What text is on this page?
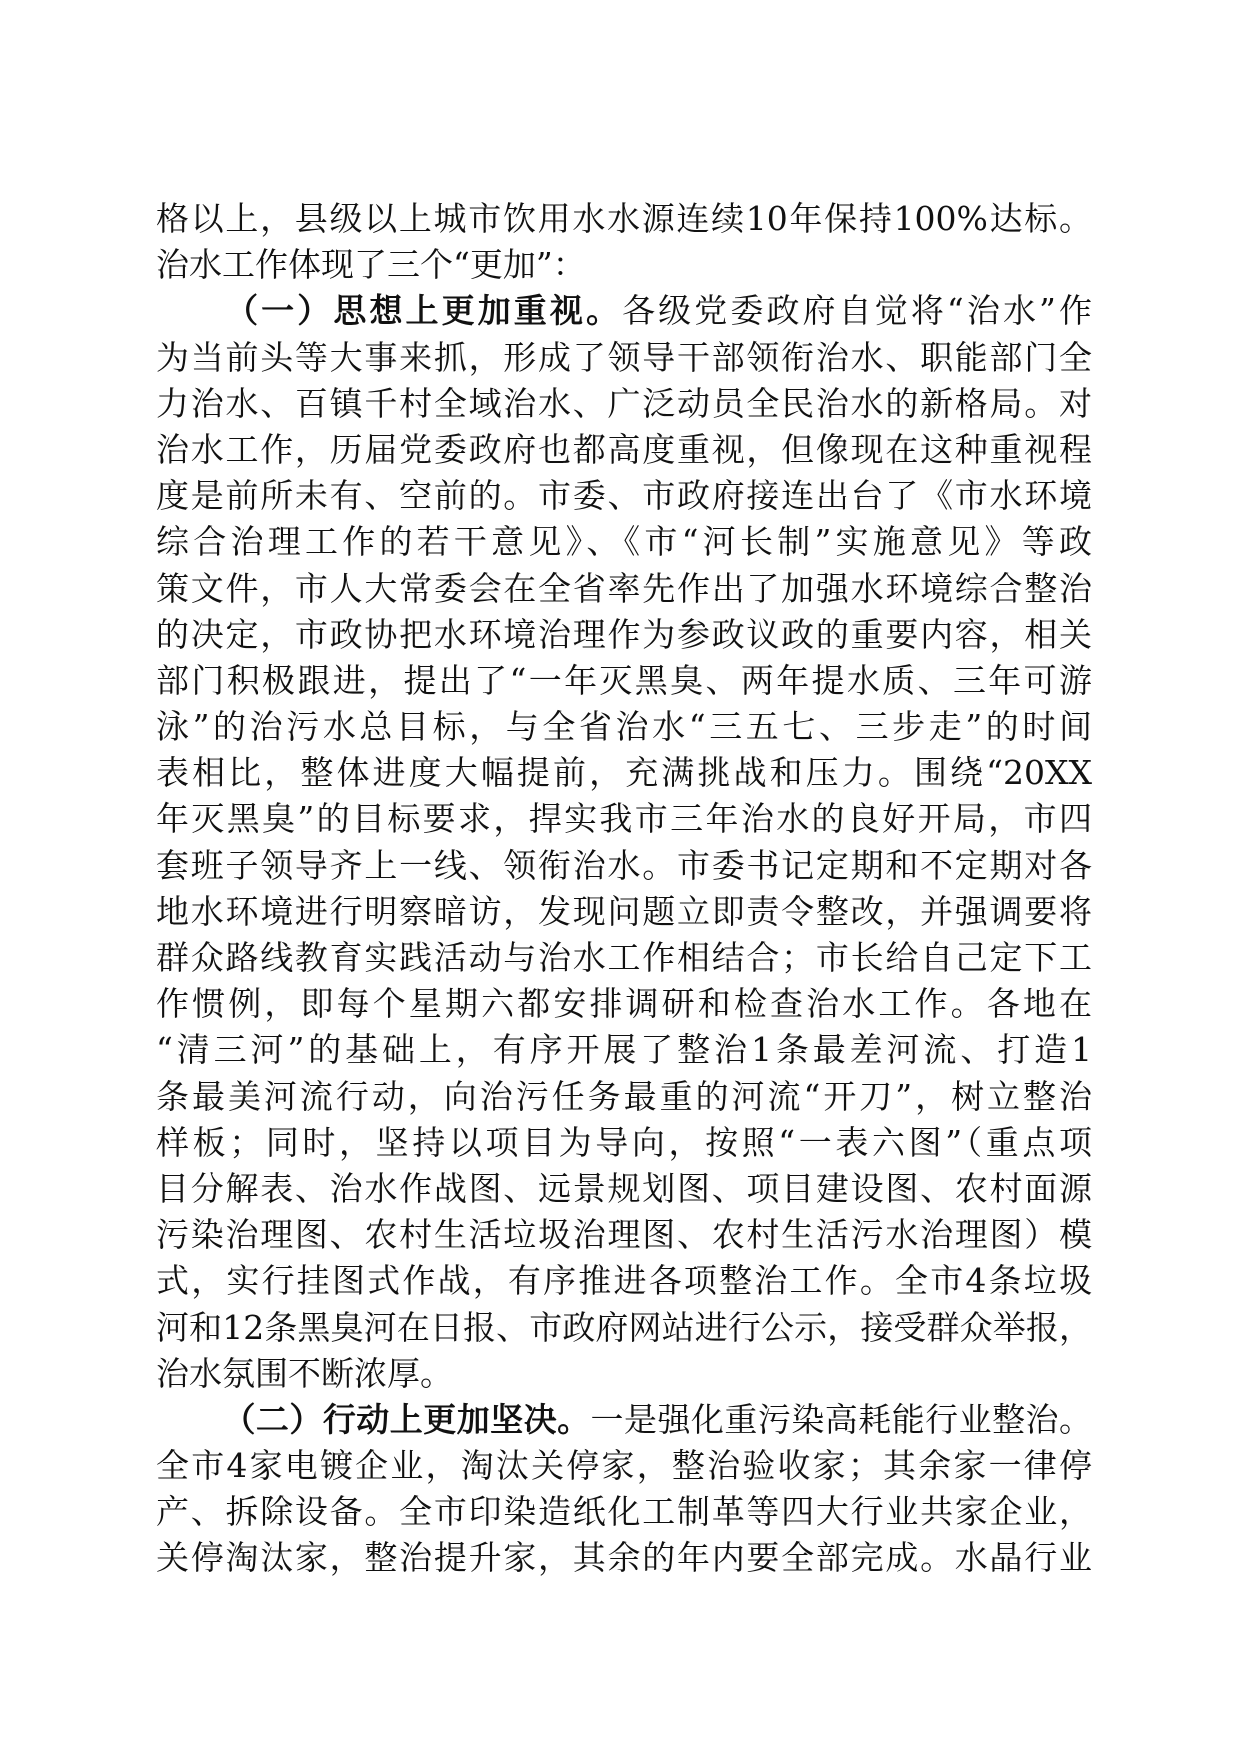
格以上，县级以上城市饮用水水源连续10年保持100%达标。
治水工作体现了三个“更加”：
（一）思想上更加重视。各级党委政府自觉将“治水”作
为当前头等大事来抓，形成了领导干部领衔治水、职能部门全
力治水、百镇千村全域治水、广泛动员全民治水的新格局。对
治水工作，历届党委政府也都高度重视，但像现在这种重视程
度是前所未有、空前的。市委、市政府接连出台了《市水环境
综合治理工作的若干意见》、《市“河长制”实施意见》等政
策文件，市人大常委会在全省率先作出了加强水环境综合整治
的决定，市政协把水环境治理作为参政议政的重要内容，相关
部门积极跟进，提出了“一年灭黑臭、两年提水质、三年可游
泳”的治污水总目标，与全省治水“三五七、三步走”的时间
表相比，整体进度大幅提前，充满挑战和压力。围绕“20XX
年灭黑臭”的目标要求，捍实我市三年治水的良好开局，市四
套班子领导齐上一线、领衔治水。市委书记定期和不定期对各
地水环境进行明察暗访，发现问题立即责令整改，并强调要将
群众路线教育实践活动与治水工作相结合；市长给自己定下工
作惯例，即每个星期六都安排调研和检查治水工作。各地在
“清三河”的基础上，有序开展了整治1条最差河流、打造1
条最美河流行动，向治污任务最重的河流“开刀”，树立整治
样板；同时，坚持以项目为导向，按照“一表六图”（重点项
目分解表、治水作战图、远景规划图、项目建设图、农村面源
污染治理图、农村生活垃圾治理图、农村生活污水治理图）模
式，实行挂图式作战，有序推进各项整治工作。全市4条垃圾
河和12条黑臭河在日报、市政府网站进行公示，接受群众举报，
治水氛围不断浓厚。
（二）行动上更加坚决。一是强化重污染高耗能行业整治。
全市4家电镀企业，淘汰关停家，整治验收家；其余家一律停
产、拆除设备。全市印染造纸化工制革等四大行业共家企业，
关停淘汰家，整治提升家，其余的年内要全部完成。水晶行业
